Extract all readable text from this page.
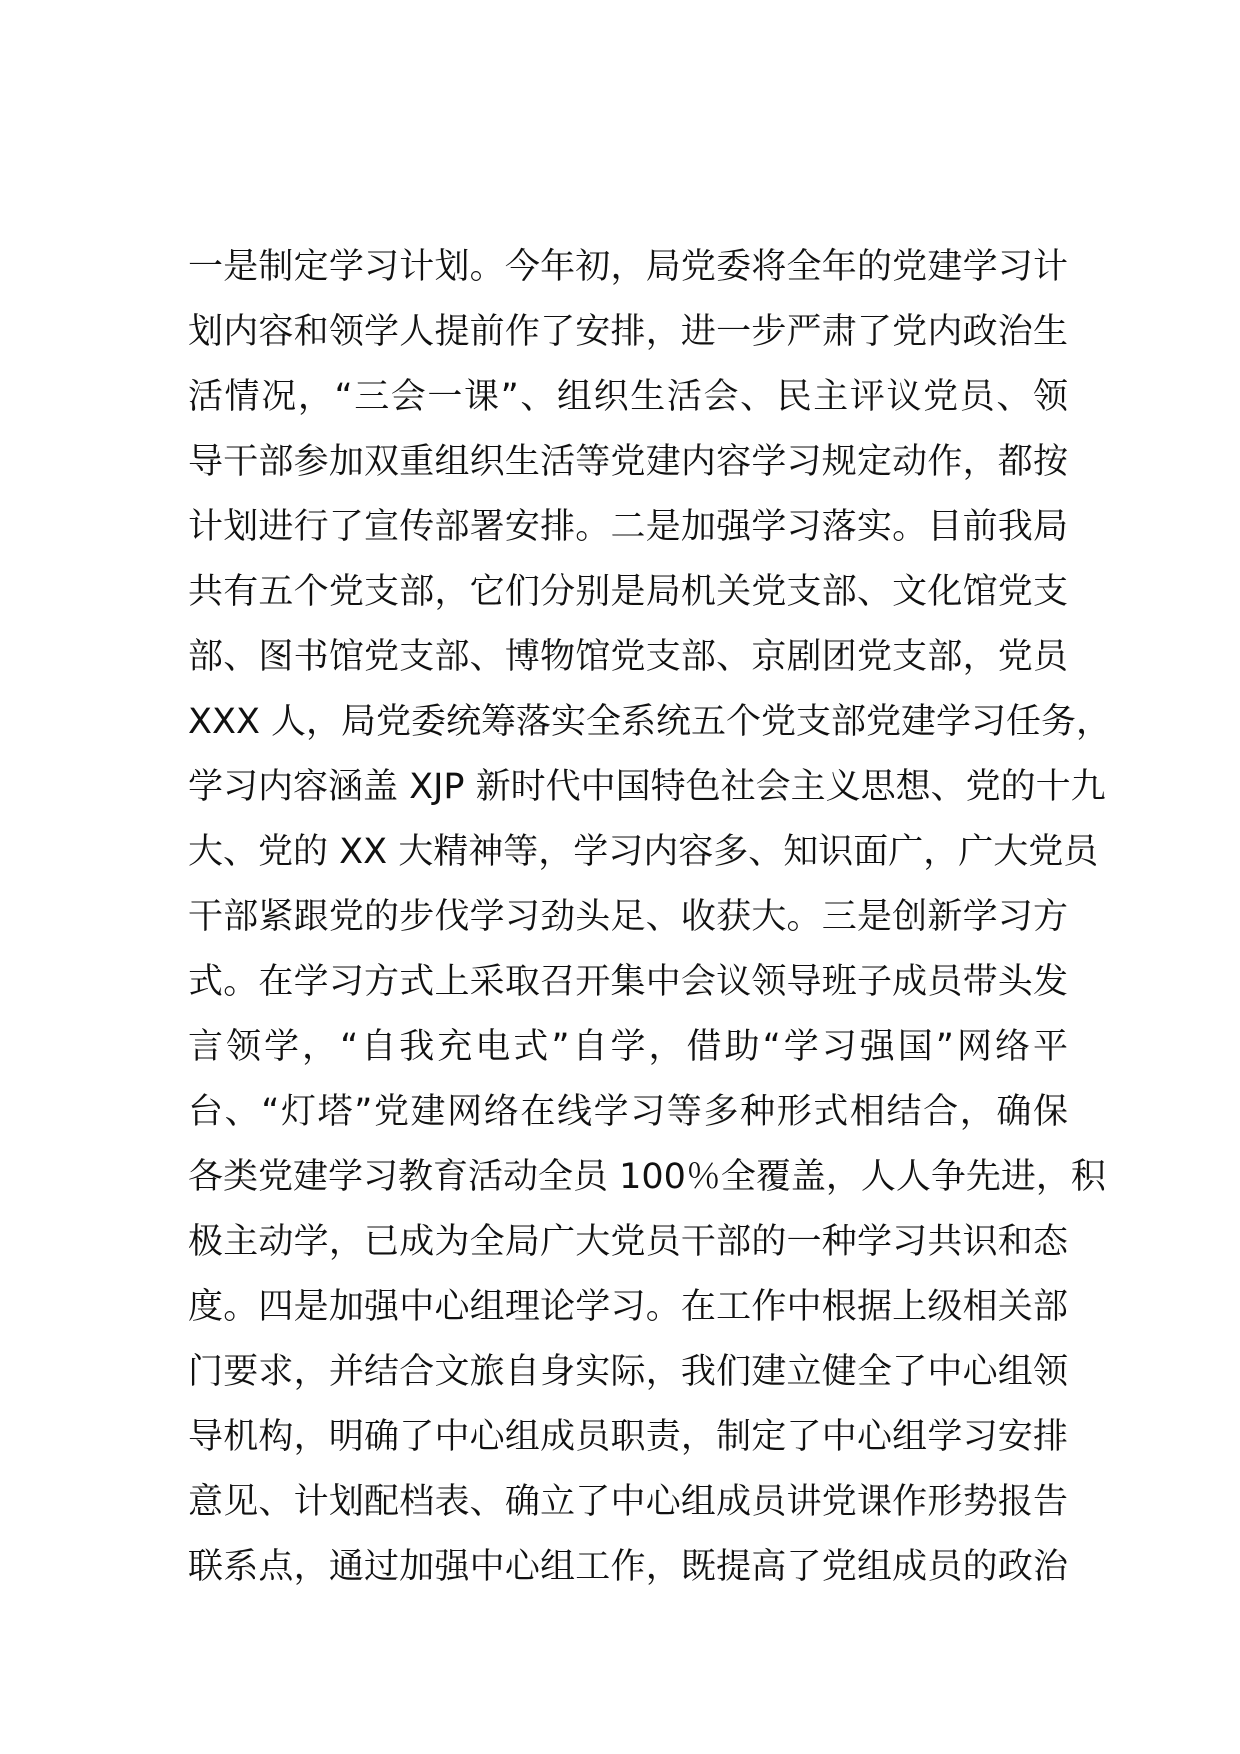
一是制定学习计划。今年初，局党委将全年的党建学习计
划内容和领学人提前作了安排，进一步严肃了党内政治生
活情况，“三会一课”、组织生活会、民主评议党员、领
导干部参加双重组织生活等党建内容学习规定动作，都按
计划进行了宣传部署安排。二是加强学习落实。目前我局
共有五个党支部，它们分别是局机关党支部、文化馆党支
部、图书馆党支部、博物馆党支部、京剧团党支部，党员
XXX 人，局党委统筹落实全系统五个党支部党建学习任务，
学习内容涵盖 XJP 新时代中国特色社会主义思想、党的十九
大、党的 XX 大精神等，学习内容多、知识面广，广大党员
干部紧跟党的步伐学习劲头足、收获大。三是创新学习方
式。在学习方式上采取召开集中会议领导班子成员带头发
言领学，“自我充电式”自学，借助“学习强国”网络平
台、“灯塔”党建网络在线学习等多种形式相结合，确保
各类党建学习教育活动全员 100％全覆盖，人人争先进，积
极主动学，已成为全局广大党员干部的一种学习共识和态
度。四是加强中心组理论学习。在工作中根据上级相关部
门要求，并结合文旅自身实际，我们建立健全了中心组领
导机构，明确了中心组成员职责，制定了中心组学习安排
意见、计划配档表、确立了中心组成员讲党课作形势报告
联系点，通过加强中心组工作，既提高了党组成员的政治
